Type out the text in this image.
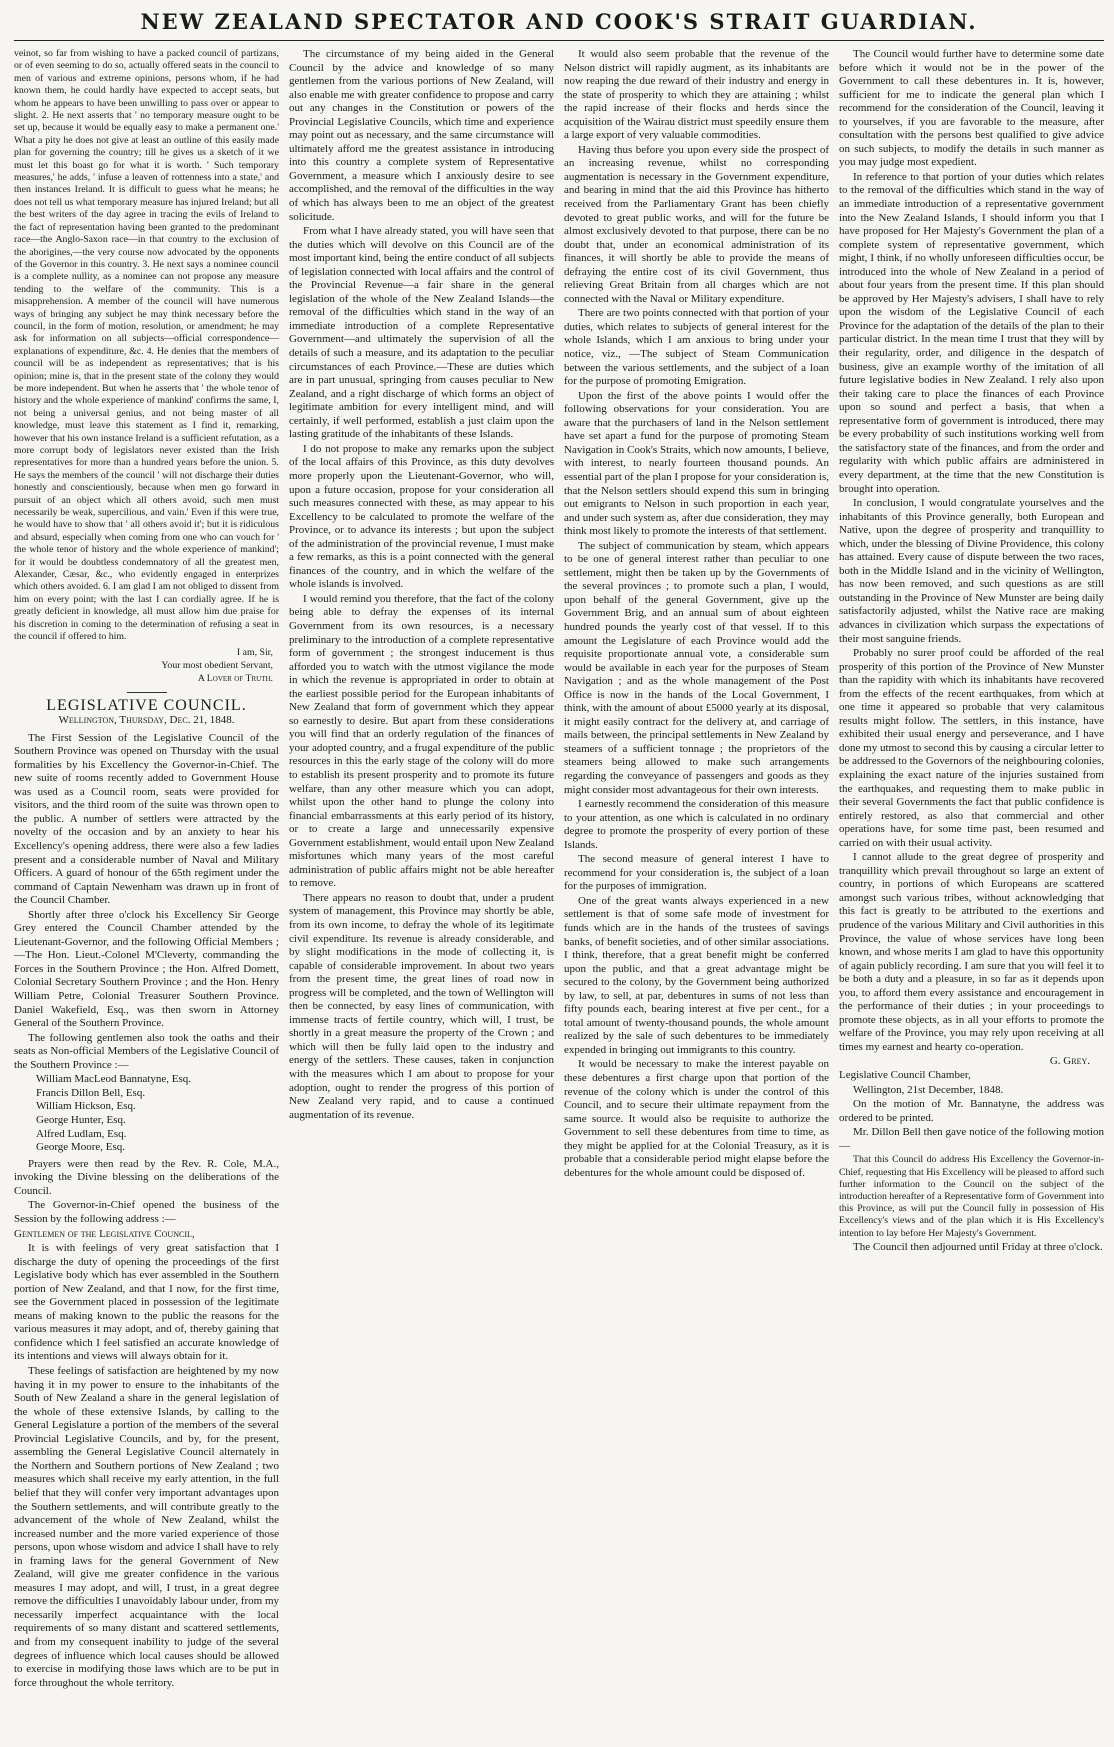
NEW ZEALAND SPECTATOR AND COOK'S STRAIT GUARDIAN.

veinot, so far from wishing to have a packed council of partizans, or of even seeming to do so, actually offered seats in the council to men of various and extreme opinions, persons whom, if he had known them, he could hardly have expected to accept seats, but whom he appears to have been unwilling to pass over or appear to slight. 2. He next asserts that ' no temporary measure ought to be set up, because it would be equally easy to make a permanent one.' What a pity he does not give at least an outline of this easily made plan for governing the country; till he gives us a sketch of it we must let this boast go for what it is worth. ' Such temporary measures,' he adds, ' infuse a leaven of rottenness into a state,' and then instances Ireland. It is difficult to guess what he means; he does not tell us what temporary measure has injured Ireland; but all the best writers of the day agree in tracing the evils of Ireland to the fact of representation having been granted to the predominant race—the Anglo-Saxon race—in that country to the exclusion of the aborigines,—the very course now advocated by the opponents of the Governor in this country. 3. He next says a nominee council is a complete nullity, as a nominee can not propose any measure tending to the welfare of the community. This is a misapprehension. A member of the council will have numerous ways of bringing any subject he may think necessary before the council, in the form of motion, resolution, or amendment; he may ask for information on all subjects—official correspondence—explanations of expenditure, &c. 4. He denies that the members of council will be as independent as representatives; that is his opinion; mine is, that in the present state of the colony they would be more independent. But when he asserts that ' the whole tenor of history and the whole experience of mankind' confirms the same, I, not being a universal genius, and not being master of all knowledge, must leave this statement as I find it, remarking, however that his own instance Ireland is a sufficient refutation, as a more corrupt body of legislators never existed than the Irish representatives for more than a hundred years before the union. 5. He says the members of the council ' will not discharge their duties honestly and conscientiously, because when men go forward in pursuit of an object which all others avoid, such men must necessarily be weak, supercilious, and vain.' Even if this were true, he would have to show that ' all others avoid it'; but it is ridiculous and absurd, especially when coming from one who can vouch for ' the whole tenor of history and the whole experience of mankind'; for it would be doubtless condemnatory of all the greatest men, Alexander, Cæsar, &c., who evidently engaged in enterprizes which others avoided. 6. I am glad I am not obliged to dissent from him on every point; with the last I can cordially agree. If he is greatly deficient in knowledge, all must allow him due praise for his discretion in coming to the determination of refusing a seat in the council if offered to him.

I am, Sir,
Your most obedient Servant,
A Lover of Truth.
LEGISLATIVE COUNCIL.
Wellington, Thursday, Dec. 21, 1848.

The First Session of the Legislative Council of the Southern Province was opened on Thursday with the usual formalities by his Excellency the Governor-in-Chief. The new suite of rooms recently added to Government House was used as a Council room, seats were provided for visitors, and the third room of the suite was thrown open to the public. A number of settlers were attracted by the novelty of the occasion and by an anxiety to hear his Excellency's opening address, there were also a few ladies present and a considerable number of Naval and Military Officers. A guard of honour of the 65th regiment under the command of Captain Newenham was drawn up in front of the Council Chamber.

Shortly after three o'clock his Excellency Sir George Grey entered the Council Chamber attended by the Lieutenant-Governor, and the following Official Members ;—The Hon. Lieut.-Colonel M'Cleverty, commanding the Forces in the Southern Province ; the Hon. Alfred Domett, Colonial Secretary Southern Province ; and the Hon. Henry William Petre, Colonial Treasurer Southern Province. Daniel Wakefield, Esq., was then sworn in Attorney General of the Southern Province.

The following gentlemen also took the oaths and their seats as Non-official Members of the Legislative Council of the Southern Province :—

William MacLeod Bannatyne, Esq.
Francis Dillon Bell, Esq.
William Hickson, Esq.
George Hunter, Esq.
Alfred Ludlam, Esq.
George Moore, Esq.

Prayers were then read by the Rev. R. Cole, M.A., invoking the Divine blessing on the deliberations of the Council.

The Governor-in-Chief opened the business of the Session by the following address :—

Gentlemen of the Legislative Council,

It is with feelings of very great satisfaction that I discharge the duty of opening the proceedings of the first Legislative body which has ever assembled in the Southern portion of New Zealand, and that I now, for the first time, see the Government placed in possession of the legitimate means of making known to the public the reasons for the various measures it may adopt, and of, thereby gaining that confidence which I feel satisfied an accurate knowledge of its intentions and views will always obtain for it.

These feelings of satisfaction are heightened by my now having it in my power to ensure to the inhabitants of the South of New Zealand a share in the general legislation of the whole of these extensive Islands, by calling to the General Legislature a portion of the members of the several Provincial Legislative Councils, and by, for the present, assembling the General Legislative Council alternately in the Northern and Southern portions of New Zealand ; two measures which shall receive my early attention, in the full belief that they will confer very important advantages upon the Southern settlements, and will contribute greatly to the advancement of the whole of New Zealand, whilst the increased number and the more varied experience of those persons, upon whose wisdom and advice I shall have to rely in framing laws for the general Government of New Zealand, will give me greater confidence in the various measures I may adopt, and will, I trust, in a great degree remove the difficulties I unavoidably labour under, from my necessarily imperfect acquaintance with the local requirements of so many distant and scattered settlements, and from my consequent inability to judge of the several degrees of influence which local causes should be allowed to exercise in modifying those laws which are to be put in force throughout the whole territory.

The circumstance of my being aided in the General Council by the advice and knowledge of so many gentlemen from the various portions of New Zealand, will also enable me with greater confidence to propose and carry out any changes in the Constitution or powers of the Provincial Legislative Councils, which time and experience may point out as necessary, and the same circumstance will ultimately afford me the greatest assistance in introducing into this country a complete system of Representative Government, a measure which I anxiously desire to see accomplished, and the removal of the difficulties in the way of which has always been to me an object of the greatest solicitude.

From what I have already stated, you will have seen that the duties which will devolve on this Council are of the most important kind, being the entire conduct of all subjects of legislation connected with local affairs and the control of the Provincial Revenue—a fair share in the general legislation of the whole of the New Zealand Islands—the removal of the difficulties which stand in the way of an immediate introduction of a complete Representative Government—and ultimately the supervision of all the details of such a measure, and its adaptation to the peculiar circumstances of each Province.—These are duties which are in part unusual, springing from causes peculiar to New Zealand, and a right discharge of which forms an object of legitimate ambition for every intelligent mind, and will certainly, if well performed, establish a just claim upon the lasting gratitude of the inhabitants of these Islands.

I do not propose to make any remarks upon the subject of the local affairs of this Province, as this duty devolves more properly upon the Lieutenant-Governor, who will, upon a future occasion, propose for your consideration all such measures connected with these, as may appear to his Excellency to be calculated to promote the welfare of the Province, or to advance its interests ; but upon the subject of the administration of the provincial revenue, I must make a few remarks, as this is a point connected with the general finances of the country, and in which the welfare of the whole islands is involved.

I would remind you therefore, that the fact of the colony being able to defray the expenses of its internal Government from its own resources, is a necessary preliminary to the introduction of a complete representative form of government ; the strongest inducement is thus afforded you to watch with the utmost vigilance the mode in which the revenue is appropriated in order to obtain at the earliest possible period for the European inhabitants of New Zealand that form of government which they appear so earnestly to desire. But apart from these considerations you will find that an orderly regulation of the finances of your adopted country, and a frugal expenditure of the public resources in this the early stage of the colony will do more to establish its present prosperity and to promote its future welfare, than any other measure which you can adopt, whilst upon the other hand to plunge the colony into financial embarrassments at this early period of its history, or to create a large and unnecessarily expensive Government establishment, would entail upon New Zealand misfortunes which many years of the most careful administration of public affairs might not be able hereafter to remove.

There appears no reason to doubt that, under a prudent system of management, this Province may shortly be able, from its own income, to defray the whole of its legitimate civil expenditure. Its revenue is already considerable, and by slight modifications in the mode of collecting it, is capable of considerable improvement. In about two years from the present time, the great lines of road now in progress will be completed, and the town of Wellington will then be connected, by easy lines of communication, with immense tracts of fertile country, which will, I trust, be shortly in a great measure the property of the Crown ; and which will then be fully laid open to the industry and energy of the settlers. These causes, taken in conjunction with the measures which I am about to propose for your adoption, ought to render the progress of this portion of New Zealand very rapid, and to cause a continued augmentation of its revenue.

It would also seem probable that the revenue of the Nelson district will rapidly augment, as its inhabitants are now reaping the due reward of their industry and energy in the state of prosperity to which they are attaining ; whilst the rapid increase of their flocks and herds since the acquisition of the Wairau district must speedily ensure them a large export of very valuable commodities.

Having thus before you upon every side the prospect of an increasing revenue, whilst no corresponding augmentation is necessary in the Government expenditure, and bearing in mind that the aid this Province has hitherto received from the Parliamentary Grant has been chiefly devoted to great public works, and will for the future be almost exclusively devoted to that purpose, there can be no doubt that, under an economical administration of its finances, it will shortly be able to provide the means of defraying the entire cost of its civil Government, thus relieving Great Britain from all charges which are not connected with the Naval or Military expenditure.

There are two points connected with that portion of your duties, which relates to subjects of general interest for the whole Islands, which I am anxious to bring under your notice, viz., —The subject of Steam Communication between the various settlements, and the subject of a loan for the purpose of promoting Emigration.

Upon the first of the above points I would offer the following observations for your consideration. You are aware that the purchasers of land in the Nelson settlement have set apart a fund for the purpose of promoting Steam Navigation in Cook's Straits, which now amounts, I believe, with interest, to nearly fourteen thousand pounds. An essential part of the plan I propose for your consideration is, that the Nelson settlers should expend this sum in bringing out emigrants to Nelson in such proportion in each year, and under such system as, after due consideration, they may think most likely to promote the interests of that settlement.

The subject of communication by steam, which appears to be one of general interest rather than peculiar to one settlement, might then be taken up by the Governments of the several provinces ; to promote such a plan, I would, upon behalf of the general Government, give up the Government Brig, and an annual sum of about eighteen hundred pounds the yearly cost of that vessel. If to this amount the Legislature of each Province would add the requisite proportionate annual vote, a considerable sum would be available in each year for the purposes of Steam Navigation ; and as the whole management of the Post Office is now in the hands of the Local Government, I think, with the amount of about £5000 yearly at its disposal, it might easily contract for the delivery at, and carriage of mails between, the principal settlements in New Zealand by steamers of a sufficient tonnage ; the proprietors of the steamers being allowed to make such arrangements regarding the conveyance of passengers and goods as they might consider most advantageous for their own interests.

I earnestly recommend the consideration of this measure to your attention, as one which is calculated in no ordinary degree to promote the prosperity of every portion of these Islands.

The second measure of general interest I have to recommend for your consideration is, the subject of a loan for the purposes of immigration.

One of the great wants always experienced in a new settlement is that of some safe mode of investment for funds which are in the hands of the trustees of savings banks, of benefit societies, and of other similar associations. I think, therefore, that a great benefit might be conferred upon the public, and that a great advantage might be secured to the colony, by the Government being authorized by law, to sell, at par, debentures in sums of not less than fifty pounds each, bearing interest at five per cent., for a total amount of twenty-thousand pounds, the whole amount realized by the sale of such debentures to be immediately expended in bringing out immigrants to this country.

It would be necessary to make the interest payable on these debentures a first charge upon that portion of the revenue of the colony which is under the control of this Council, and to secure their ultimate repayment from the same source. It would also be requisite to authorize the Government to sell these debentures from time to time, as they might be applied for at the Colonial Treasury, as it is probable that a considerable period might elapse before the debentures for the whole amount could be disposed of.

The Council would further have to determine some date before which it would not be in the power of the Government to call these debentures in. It is, however, sufficient for me to indicate the general plan which I recommend for the consideration of the Council, leaving it to yourselves, if you are favorable to the measure, after consultation with the persons best qualified to give advice on such subjects, to modify the details in such manner as you may judge most expedient.

In reference to that portion of your duties which relates to the removal of the difficulties which stand in the way of an immediate introduction of a representative government into the New Zealand Islands, I should inform you that I have proposed for Her Majesty's Government the plan of a complete system of representative government, which might, I think, if no wholly unforeseen difficulties occur, be introduced into the whole of New Zealand in a period of about four years from the present time. If this plan should be approved by Her Majesty's advisers, I shall have to rely upon the wisdom of the Legislative Council of each Province for the adaptation of the details of the plan to their particular district. In the mean time I trust that they will by their regularity, order, and diligence in the despatch of business, give an example worthy of the imitation of all future legislative bodies in New Zealand. I rely also upon their taking care to place the finances of each Province upon so sound and perfect a basis, that when a representative form of government is introduced, there may be every probability of such institutions working well from the satisfactory state of the finances, and from the order and regularity with which public affairs are administered in every department, at the time that the new Constitution is brought into operation.

In conclusion, I would congratulate yourselves and the inhabitants of this Province generally, both European and Native, upon the degree of prosperity and tranquillity to which, under the blessing of Divine Providence, this colony has attained. Every cause of dispute between the two races, both in the Middle Island and in the vicinity of Wellington, has now been removed, and such questions as are still outstanding in the Province of New Munster are being daily satisfactorily adjusted, whilst the Native race are making advances in civilization which surpass the expectations of their most sanguine friends.

Probably no surer proof could be afforded of the real prosperity of this portion of the Province of New Munster than the rapidity with which its inhabitants have recovered from the effects of the recent earthquakes, from which at one time it appeared so probable that very calamitous results might follow. The settlers, in this instance, have exhibited their usual energy and perseverance, and I have done my utmost to second this by causing a circular letter to be addressed to the Governors of the neighbouring colonies, explaining the exact nature of the injuries sustained from the earthquakes, and requesting them to make public in their several Governments the fact that public confidence is entirely restored, as also that commercial and other operations have, for some time past, been resumed and carried on with their usual activity.

I cannot allude to the great degree of prosperity and tranquillity which prevail throughout so large an extent of country, in portions of which Europeans are scattered amongst such various tribes, without acknowledging that this fact is greatly to be attributed to the exertions and prudence of the various Military and Civil authorities in this Province, the value of whose services have long been known, and whose merits I am glad to have this opportunity of again publicly recording. I am sure that you will feel it to be both a duty and a pleasure, in so far as it depends upon you, to afford them every assistance and encouragement in the performance of their duties ; in your proceedings to promote these objects, as in all your efforts to promote the welfare of the Province, you may rely upon receiving at all times my earnest and hearty co-operation.

G. Grey.

Legislative Council Chamber,

Wellington, 21st December, 1848.

On the motion of Mr. Bannatyne, the address was ordered to be printed.

Mr. Dillon Bell then gave notice of the following motion—

That this Council do address His Excellency the Governor-in-Chief, requesting that His Excellency will be pleased to afford such further information to the Council on the subject of the introduction hereafter of a Representative form of Government into this Province, as will put the Council fully in possession of His Excellency's views and of the plan which it is His Excellency's intention to lay before Her Majesty's Government.

The Council then adjourned until Friday at three o'clock.
